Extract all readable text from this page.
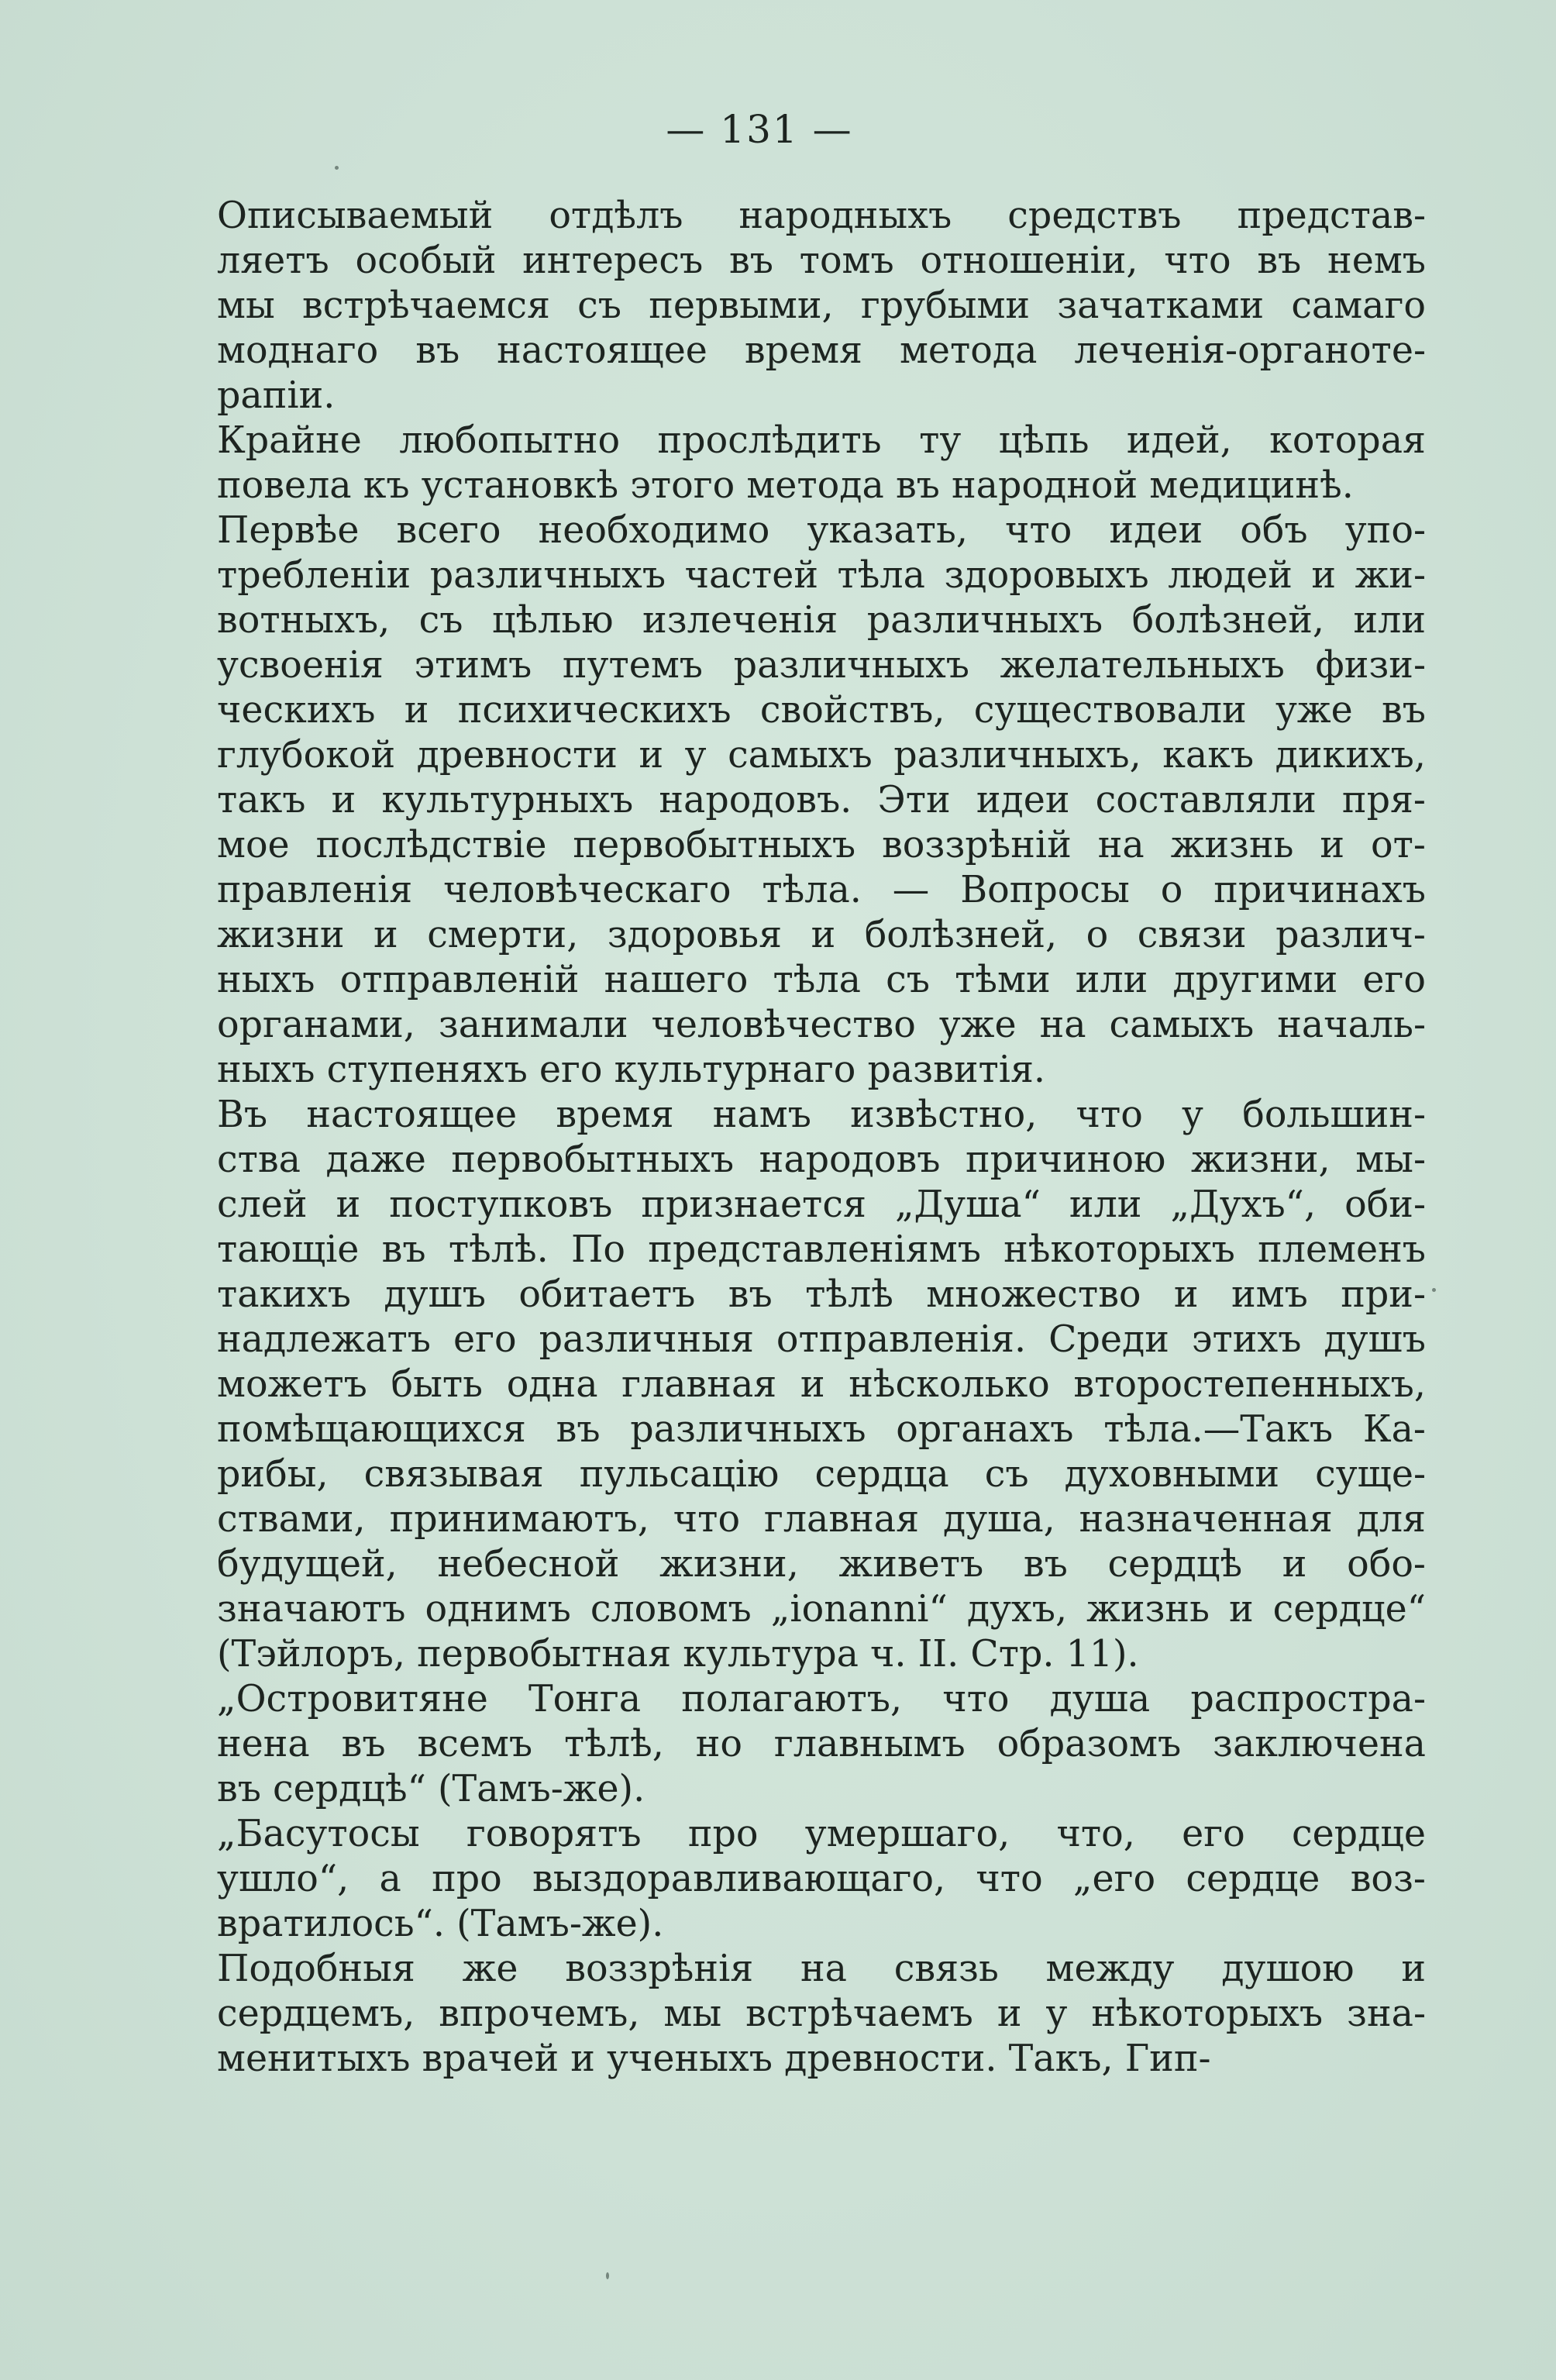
— 131 —
Описываемый отдѣлъ народныхъ средствъ представ-
ляетъ особый интересъ въ томъ отношеніи, что въ немъ
мы встрѣчаемся съ первыми, грубыми зачатками самаго
моднаго въ настоящее время метода леченія-органоте-
рапіи.
Крайне любопытно прослѣдить ту цѣпь идей, которая
повела къ установкѣ этого метода въ народной медицинѣ.
Первѣе всего необходимо указать, что идеи объ упо-
требленіи различныхъ частей тѣла здоровыхъ людей и жи-
вотныхъ, съ цѣлью излеченія различныхъ болѣзней, или
усвоенія этимъ путемъ различныхъ желательныхъ физи-
ческихъ и психическихъ свойствъ, существовали уже въ
глубокой древности и у самыхъ различныхъ, какъ дикихъ,
такъ и культурныхъ народовъ. Эти идеи составляли пря-
мое послѣдствіе первобытныхъ воззрѣній на жизнь и от-
правленія человѣческаго тѣла. — Вопросы о причинахъ
жизни и смерти, здоровья и болѣзней, о связи различ-
ныхъ отправленій нашего тѣла съ тѣми или другими его
органами, занимали человѣчество уже на самыхъ началь-
ныхъ ступеняхъ его культурнаго развитія.
Въ настоящее время намъ извѣстно, что у большин-
ства даже первобытныхъ народовъ причиною жизни, мы-
слей и поступковъ признается „Душа“ или „Духъ“, оби-
тающіе въ тѣлѣ. По представленіямъ нѣкоторыхъ племенъ
такихъ душъ обитаетъ въ тѣлѣ множество и имъ при-
надлежатъ его различныя отправленія. Среди этихъ душъ
можетъ быть одна главная и нѣсколько второстепенныхъ,
помѣщающихся въ различныхъ органахъ тѣла.—Такъ Ка-
рибы, связывая пульсацію сердца съ духовными суще-
ствами, принимаютъ, что главная душа, назначенная для
будущей, небесной жизни, живетъ въ сердцѣ и обо-
значаютъ однимъ словомъ „ionanni“ духъ, жизнь и сердце“
(Тэйлоръ, первобытная культура ч. II. Стр. 11).
„Островитяне Тонга полагаютъ, что душа распростра-
нена въ всемъ тѣлѣ, но главнымъ образомъ заключена
въ сердцѣ“ (Тамъ-же).
„Басутосы говорятъ про умершаго, что, его сердце
ушло“, а про выздоравливающаго, что „его сердце воз-
вратилось“. (Тамъ-же).
Подобныя же воззрѣнія на связь между душою и
сердцемъ, впрочемъ, мы встрѣчаемъ и у нѣкоторыхъ зна-
менитыхъ врачей и ученыхъ древности. Такъ, Гип-
